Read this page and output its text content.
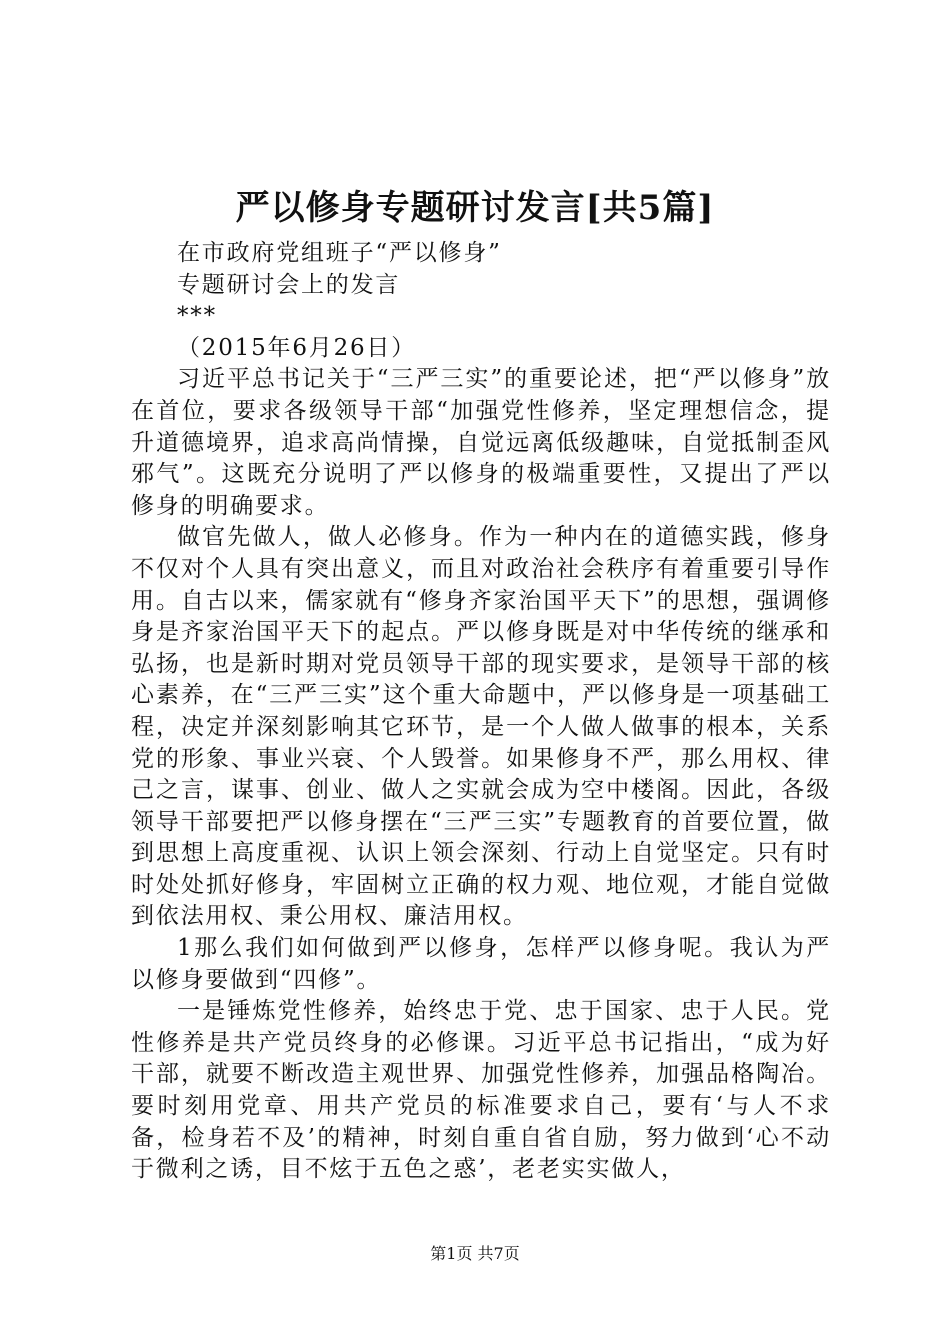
严以修身专题研讨发言[共5篇]

在市政府党组班子“严以修身”

专题研讨会上的发言

***

（2015年6月26日）

习近平总书记关于“三严三实”的重要论述，把“严以修身”放在首位，要求各级领导干部“加强党性修养，坚定理想信念，提升道德境界，追求高尚情操，自觉远离低级趣味，自觉抵制歪风邪气”。这既充分说明了严以修身的极端重要性，又提出了严以修身的明确要求。

做官先做人，做人必修身。作为一种内在的道德实践，修身不仅对个人具有突出意义，而且对政治社会秩序有着重要引导作用。自古以来，儒家就有“修身齐家治国平天下”的思想，强调修身是齐家治国平天下的起点。严以修身既是对中华传统的继承和弘扬，也是新时期对党员领导干部的现实要求，是领导干部的核心素养，在“三严三实”这个重大命题中，严以修身是一项基础工程，决定并深刻影响其它环节，是一个人做人做事的根本，关系党的形象、事业兴衰、个人毁誉。如果修身不严，那么用权、律己之言，谋事、创业、做人之实就会成为空中楼阁。因此，各级领导干部要把严以修身摆在“三严三实”专题教育的首要位置，做到思想上高度重视、认识上领会深刻、行动上自觉坚定。只有时时处处抓好修身，牢固树立正确的权力观、地位观，才能自觉做到依法用权、秉公用权、廉洁用权。

1那么我们如何做到严以修身，怎样严以修身呢。我认为严以修身要做到“四修”。

一是锤炼党性修养，始终忠于党、忠于国家、忠于人民。党性修养是共产党员终身的必修课。习近平总书记指出，“成为好干部，就要不断改造主观世界、加强党性修养，加强品格陶冶。要时刻用党章、用共产党员的标准要求自己，要有‘与人不求备，检身若不及’的精神，时刻自重自省自励，努力做到‘心不动于微利之诱，目不炫于五色之惑’，老老实实做人，

第1页 共7页
